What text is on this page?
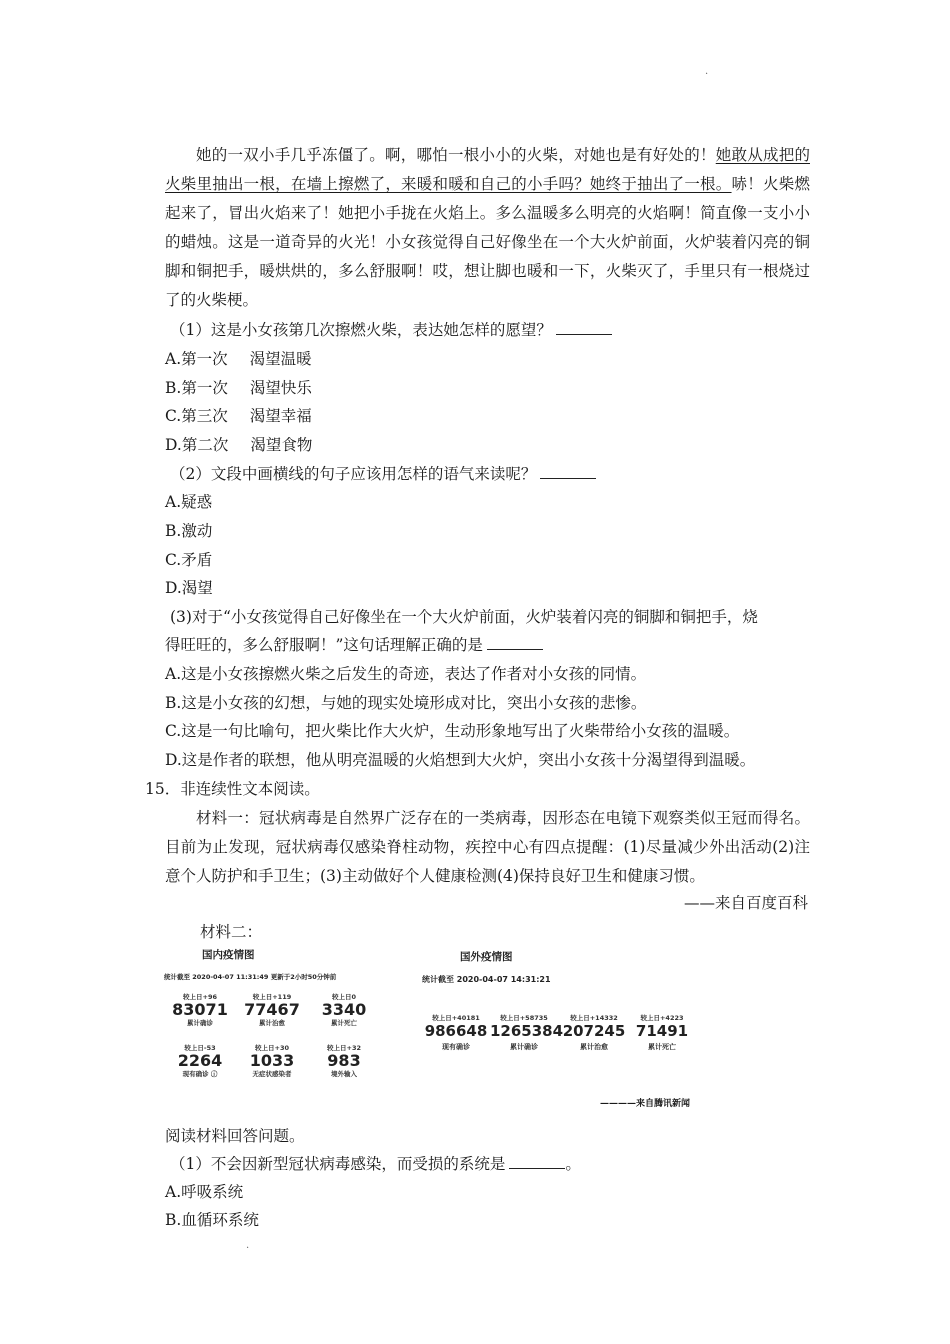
.

她的一双小手几乎冻僵了。啊，哪怕一根小小的火柴，对她也是有好处的！她敢从成把的火柴里抽出一根，在墙上擦燃了，来暖和暖和自己的小手吗？她终于抽出了一根。哧！火柴燃起来了，冒出火焰来了！她把小手拢在火焰上。多么温暖多么明亮的火焰啊！简直像一支小小的蜡烛。这是一道奇异的火光！小女孩觉得自己好像坐在一个大火炉前面，火炉装着闪亮的铜脚和铜把手，暖烘烘的，多么舒服啊！哎，想让脚也暖和一下，火柴灭了，手里只有一根烧过了的火柴梗。

（1）这是小女孩第几次擦燃火柴，表达她怎样的愿望？
A.第一次 渴望温暖
B.第一次 渴望快乐
C.第三次 渴望幸福
D.第二次 渴望食物
（2）文段中画横线的句子应该用怎样的语气来读呢？
A.疑惑
B.激动
C.矛盾
D.渴望
(3)对于“小女孩觉得自己好像坐在一个大火炉前面，火炉装着闪亮的铜脚和铜把手，烧
得旺旺的，多么舒服啊！”这句话理解正确的是
A.这是小女孩擦燃火柴之后发生的奇迹，表达了作者对小女孩的同情。
B.这是小女孩的幻想，与她的现实处境形成对比，突出小女孩的悲惨。
C.这是一句比喻句，把火柴比作大火炉，生动形象地写出了火柴带给小女孩的温暖。
D.这是作者的联想，他从明亮温暖的火焰想到大火炉，突出小女孩十分渴望得到温暖。
15．非连续性文本阅读。

材料一：冠状病毒是自然界广泛存在的一类病毒，因形态在电镜下观察类似王冠而得名。目前为止发现，冠状病毒仅感染脊柱动物，疾控中心有四点提醒：(1)尽量减少外出活动(2)注意个人防护和手卫生；(3)主动做好个人健康检测(4)保持良好卫生和健康习惯。

——来自百度百科
材料二：
国内疫情图
统计截至 2020-04-07 11:31:49 更新于2小时50分钟前
较上日+96
83071
累计确诊
较上日+119
77467
累计治愈
较上日0
3340
累计死亡
较上日-53
2264
现有确诊 ⓘ
较上日+30
1033
无症状感染者
较上日+32
983
境外输入
国外疫情图
统计截至 2020-04-07 14:31:21
较上日+40181
986648
现有确诊
较上日+58735
1265384
累计确诊
较上日+14332
207245
累计治愈
较上日+4223
71491
累计死亡
————来自腾讯新闻
阅读材料回答问题。
（1）不会因新型冠状病毒感染，而受损的系统是	。
A.呼吸系统
B.血循环系统
.
